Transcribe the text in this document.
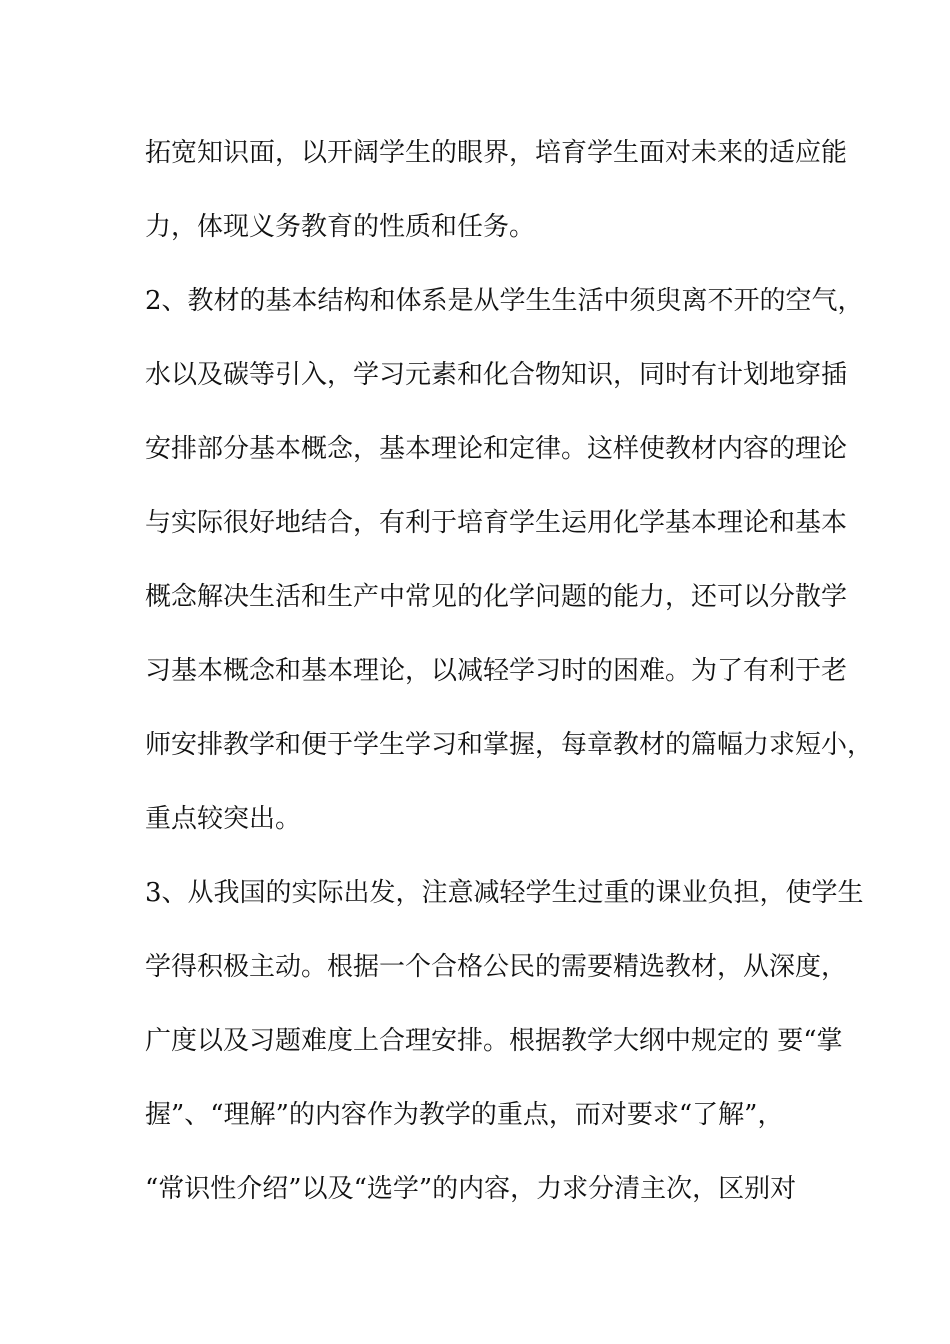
拓宽知识面，以开阔学生的眼界，培育学生面对未来的适应能
力，体现义务教育的性质和任务。
2、教材的基本结构和体系是从学生生活中须臾离不开的空气，
水以及碳等引入，学习元素和化合物知识，同时有计划地穿插
安排部分基本概念，基本理论和定律。这样使教材内容的理论
与实际很好地结合，有利于培育学生运用化学基本理论和基本
概念解决生活和生产中常见的化学问题的能力，还可以分散学
习基本概念和基本理论，以减轻学习时的困难。为了有利于老
师安排教学和便于学生学习和掌握，每章教材的篇幅力求短小，
重点较突出。
3、从我国的实际出发，注意减轻学生过重的课业负担，使学生
学得积极主动。根据一个合格公民的需要精选教材，从深度，
广度以及习题难度上合理安排。根据教学大纲中规定的 要“掌
握”、“理解”的内容作为教学的重点，而对要求“了解”，
“常识性介绍”以及“选学”的内容，力求分清主次，区别对
